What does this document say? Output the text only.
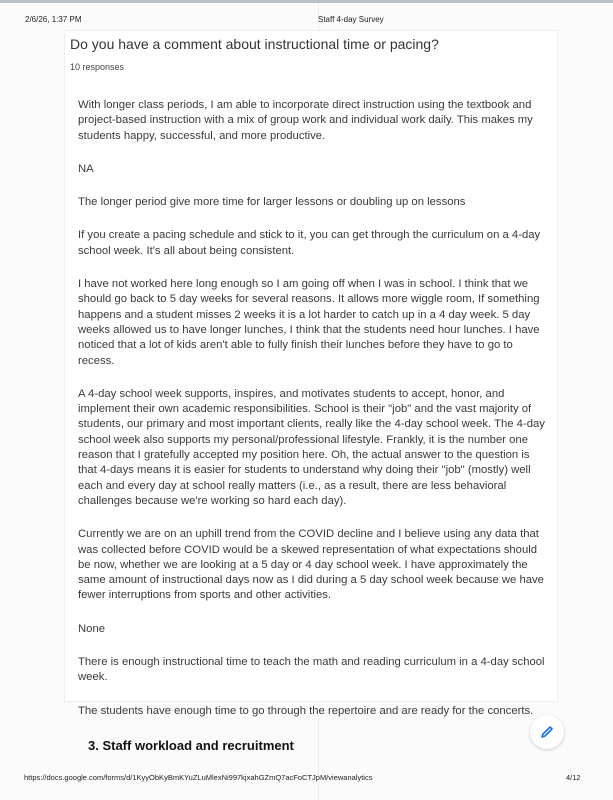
2/6/26, 1:37 PM	Staff 4-day Survey
Do you have a comment about instructional time or pacing?
10 responses

With longer class periods, I am able to incorporate direct instruction using the textbook and project-based instruction with a mix of group work and individual work daily. This makes my students happy, successful, and more productive.

NA

The longer period give more time for larger lessons or doubling up on lessons

If you create a pacing schedule and stick to it, you can get through the curriculum on a 4-day school week. It's all about being consistent.

I have not worked here long enough so I am going off when I was in school. I think that we should go back to 5 day weeks for several reasons. It allows more wiggle room, If something happens and a student misses 2 weeks it is a lot harder to catch up in a 4 day week. 5 day weeks allowed us to have longer lunches, I think that the students need hour lunches. I have noticed that a lot of kids aren't able to fully finish their lunches before they have to go to recess.

A 4-day school week supports, inspires, and motivates students to accept, honor, and implement their own academic responsibilities. School is their "job" and the vast majority of students, our primary and most important clients, really like the 4-day school week. The 4-day school week also supports my personal/professional lifestyle. Frankly, it is the number one reason that I gratefully accepted my position here. Oh, the actual answer to the question is that 4-days means it is easier for students to understand why doing their "job" (mostly) well each and every day at school really matters (i.e., as a result, there are less behavioral challenges because we're working so hard each day).

Currently we are on an uphill trend from the COVID decline and I believe using any data that was collected before COVID would be a skewed representation of what expectations should be now, whether we are looking at a 5 day or 4 day school week. I have approximately the same amount of instructional days now as I did during a 5 day school week because we have fewer interruptions from sports and other activities.

None

There is enough instructional time to teach the math and reading curriculum in a 4-day school week.

The students have enough time to go through the repertoire and are ready for the concerts.

3. Staff workload and recruitment
https://docs.google.com/forms/d/1KyyObKyBmKYuZLuMlexNi997kjxahGZmQ7acFoCTJpM/viewanalytics	4/12
